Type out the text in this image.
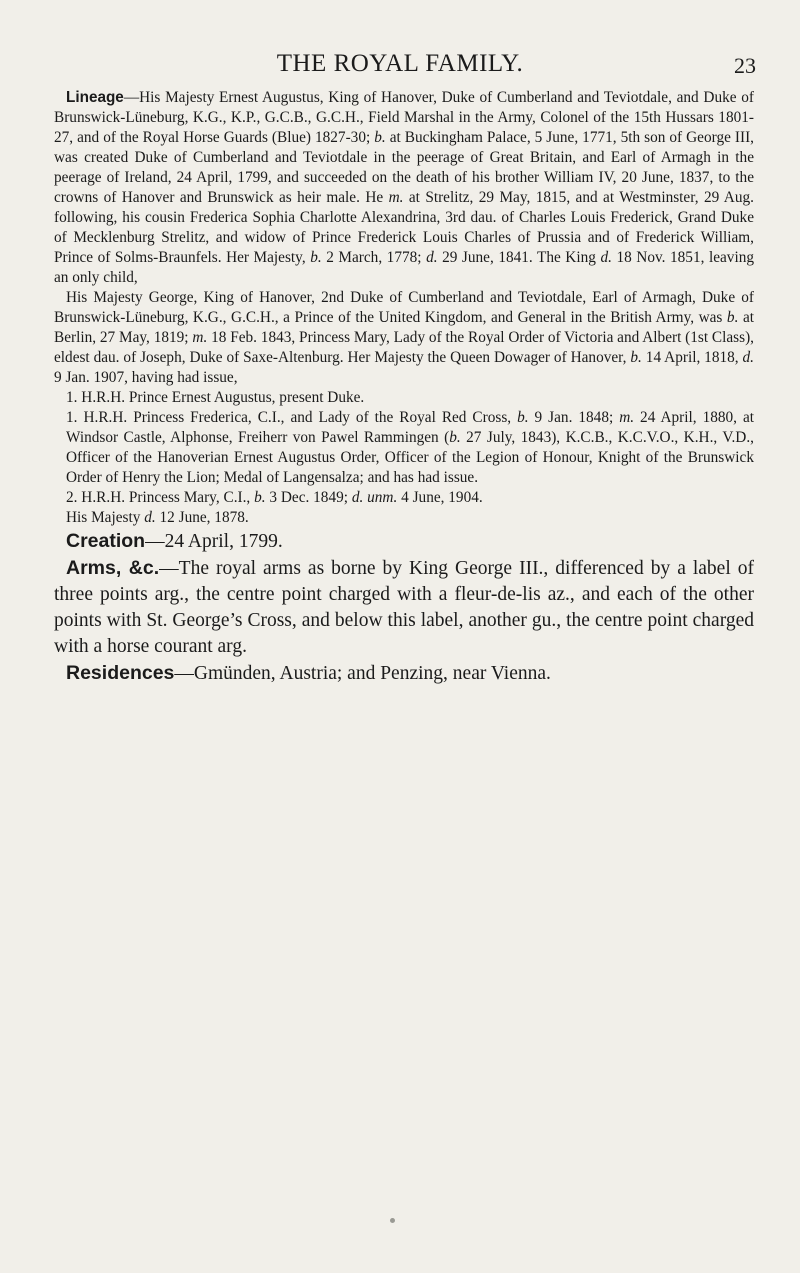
THE ROYAL FAMILY.	23

Lineage—His Majesty Ernest Augustus, King of Hanover, Duke of Cumberland and Teviotdale, and Duke of Brunswick-Lüneburg, K.G., K.P., G.C.B., G.C.H., Field Marshal in the Army, Colonel of the 15th Hussars 1801-27, and of the Royal Horse Guards (Blue) 1827-30; b. at Buckingham Palace, 5 June, 1771, 5th son of George III, was created Duke of Cumberland and Teviotdale in the peerage of Great Britain, and Earl of Armagh in the peerage of Ireland, 24 April, 1799, and succeeded on the death of his brother William IV, 20 June, 1837, to the crowns of Hanover and Brunswick as heir male. He m. at Strelitz, 29 May, 1815, and at Westminster, 29 Aug. following, his cousin Frederica Sophia Charlotte Alexandrina, 3rd dau. of Charles Louis Frederick, Grand Duke of Mecklenburg Strelitz, and widow of Prince Frederick Louis Charles of Prussia and of Frederick William, Prince of Solms-Braunfels. Her Majesty, b. 2 March, 1778; d. 29 June, 1841. The King d. 18 Nov. 1851, leaving an only child,

His Majesty George, King of Hanover, 2nd Duke of Cumberland and Teviotdale, Earl of Armagh, Duke of Brunswick-Lüneburg, K.G., G.C.H., a Prince of the United Kingdom, and General in the British Army, was b. at Berlin, 27 May, 1819; m. 18 Feb. 1843, Princess Mary, Lady of the Royal Order of Victoria and Albert (1st Class), eldest dau. of Joseph, Duke of Saxe-Altenburg. Her Majesty the Queen Dowager of Hanover, b. 14 April, 1818, d. 9 Jan. 1907, having had issue,

1. H.R.H. Prince Ernest Augustus, present Duke.

1. H.R.H. Princess Frederica, C.I., and Lady of the Royal Red Cross, b. 9 Jan. 1848; m. 24 April, 1880, at Windsor Castle, Alphonse, Freiherr von Pawel Rammingen (b. 27 July, 1843), K.C.B., K.C.V.O., K.H., V.D., Officer of the Hanoverian Ernest Augustus Order, Officer of the Legion of Honour, Knight of the Brunswick Order of Henry the Lion; Medal of Langensalza; and has had issue.

2. H.R.H. Princess Mary, C.I., b. 3 Dec. 1849; d. unm. 4 June, 1904.

His Majesty d. 12 June, 1878.

Creation—24 April, 1799.

Arms, &c.—The royal arms as borne by King George III., differenced by a label of three points arg., the centre point charged with a fleur-de-lis az., and each of the other points with St. George’s Cross, and below this label, another gu., the centre point charged with a horse courant arg.

Residences—Gmünden, Austria; and Penzing, near Vienna.
